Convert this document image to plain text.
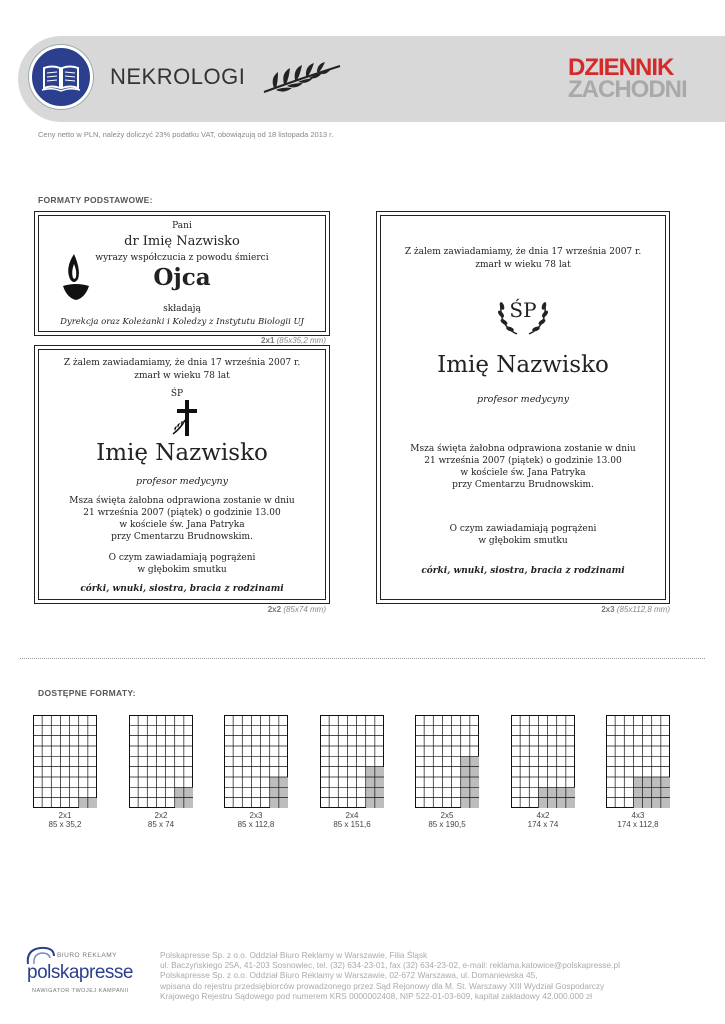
NEKROLOGI	DZIENNIK
ZACHODNI
Ceny netto w PLN, należy doliczyć 23% podatku VAT, obowiązują od 18 listopada 2013 r.
FORMATY PODSTAWOWE:
Pani
dr Imię Nazwisko
wyrazy współczucia z powodu śmierci
Ojca
składają
Dyrekcja oraz Koleżanki i Koledzy z Instytutu Biologii UJ
2x1 (85x35,2 mm)
Z żalem zawiadamiamy, że dnia 17 września 2007 r.
zmarł w wieku 78 lat
ŚP
Imię Nazwisko
profesor medycyny
Msza święta żałobna odprawiona zostanie w dniu
21 września 2007 (piątek) o godzinie 13.00
w kościele św. Jana Patryka
przy Cmentarzu Brudnowskim.
O czym zawiadamiają pogrążeni
w głębokim smutku
córki, wnuki, siostra, bracia z rodzinami
2x2 (85x74 mm)
Z żalem zawiadamiamy, że dnia 17 września 2007 r.
zmarł w wieku 78 lat
ŚP
Imię Nazwisko
profesor medycyny
Msza święta żałobna odprawiona zostanie w dniu
21 września 2007 (piątek) o godzinie 13.00
w kościele św. Jana Patryka
przy Cmentarzu Brudnowskim.
O czym zawiadamiają pogrążeni
w głębokim smutku
córki, wnuki, siostra, bracia z rodzinami
2x3 (85x112,8 mm)
DOSTĘPNE FORMATY:
2x1
85 x 35,2
2x2
85 x 74
2x3
85 x 112,8
2x4
85 x 151,6
2x5
85 x 190,5
4x2
174 x 74
4x3
174 x 112,8
BIURO REKLAMY
polskapresse
NAWIGATOR TWOJEJ KAMPANII
Polskapresse Sp. z o.o. Oddział Biuro Reklamy w Warszawie, Filia Śląsk
ul. Baczyńskiego 25A, 41-203 Sosnowiec, tel. (32) 634-23-01, fax (32) 634-23-02, e-mail: reklama.katowice@polskapresse.pl
Polskapresse Sp. z o.o. Oddział Biuro Reklamy w Warszawie, 02-672 Warszawa, ul. Domaniewska 45,
wpisana do rejestru przedsiębiorców prowadzonego przez Sąd Rejonowy dla M. St. Warszawy XIII Wydział Gospodarczy
Krajowego Rejestru Sądowego pod numerem KRS 0000002408, NIP 522-01-03-609, kapitał zakładowy 42.000.000 zł
